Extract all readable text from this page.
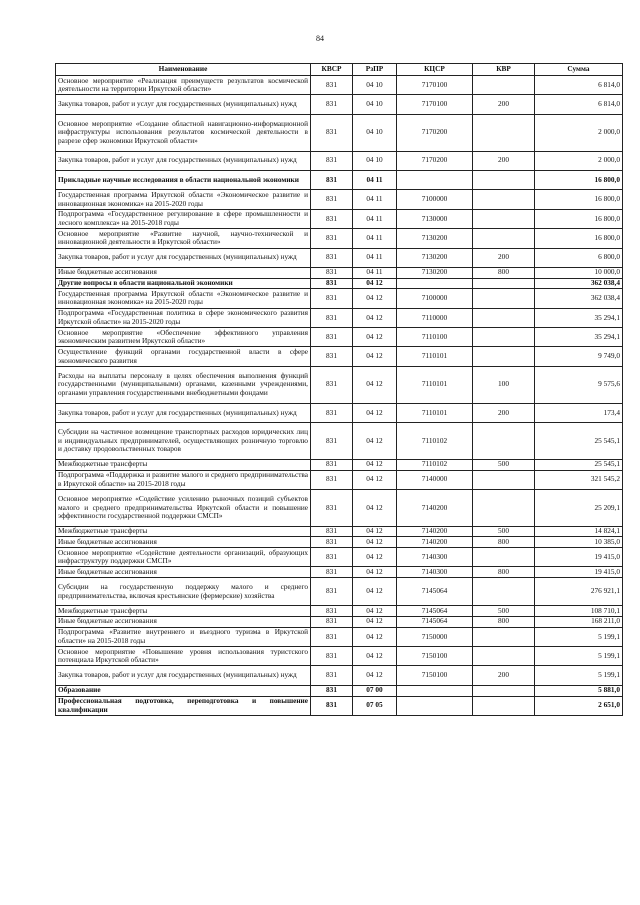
84
Наименование	КВСР	РзПР	КЦСР	КВР	Сумма
Основное мероприятие «Реализация преимуществ результатов космической деятельности на территории Иркутской области»	831	04 10	7170100		6 814,0
Закупка товаров, работ и услуг для государственных (муниципальных) нужд	831	04 10	7170100	200	6 814,0
Основное мероприятие «Создание областной навигационно-информационной инфраструктуры использования результатов космической деятельности в разрезе сфер экономики Иркутской области»	831	04 10	7170200		2 000,0
Закупка товаров, работ и услуг для государственных (муниципальных) нужд	831	04 10	7170200	200	2 000,0
Прикладные научные исследования в области национальной экономики	831	04 11			16 800,0
Государственная программа Иркутской области «Экономическое развитие и инновационная экономика» на 2015-2020 годы	831	04 11	7100000		16 800,0
Подпрограмма «Государственное регулирование в сфере промышленности и лесного комплекса» на 2015-2018 годы	831	04 11	7130000		16 800,0
Основное мероприятие «Развитие научной, научно-технической и инновационной деятельности в Иркутской области»	831	04 11	7130200		16 800,0
Закупка товаров, работ и услуг для государственных (муниципальных) нужд	831	04 11	7130200	200	6 800,0
Иные бюджетные ассигнования	831	04 11	7130200	800	10 000,0
Другие вопросы в области национальной экономики	831	04 12			362 038,4
Государственная программа Иркутской области «Экономическое развитие и инновационная экономика» на 2015-2020 годы	831	04 12	7100000		362 038,4
Подпрограмма «Государственная политика в сфере экономического развития Иркутской области» на 2015-2020 годы	831	04 12	7110000		35 294,1
Основное мероприятие «Обеспечение эффективного управления экономическим развитием Иркутской области»	831	04 12	7110100		35 294,1
Осуществление функций органами государственной власти в сфере экономического развития	831	04 12	7110101		9 749,0
Расходы на выплаты персоналу в целях обеспечения выполнения функций государственными (муниципальными) органами, казенными учреждениями, органами управления государственными внебюджетными фондами	831	04 12	7110101	100	9 575,6
Закупка товаров, работ и услуг для государственных (муниципальных) нужд	831	04 12	7110101	200	173,4
Субсидии на частичное возмещение транспортных расходов юридических лиц и индивидуальных предпринимателей, осуществляющих розничную торговлю и доставку продовольственных товаров	831	04 12	7110102		25 545,1
Межбюджетные трансферты	831	04 12	7110102	500	25 545,1
Подпрограмма «Поддержка и развитие малого и среднего предпринимательства в Иркутской области» на 2015-2018 годы	831	04 12	7140000		321 545,2
Основное мероприятие «Содействие усилению рыночных позиций субъектов малого и среднего предпринимательства Иркутской области и повышение эффективности государственной поддержки СМСП»	831	04 12	7140200		25 209,1
Межбюджетные трансферты	831	04 12	7140200	500	14 824,1
Иные бюджетные ассигнования	831	04 12	7140200	800	10 385,0
Основное мероприятие «Содействие деятельности организаций, образующих инфраструктуру поддержки СМСП»	831	04 12	7140300		19 415,0
Иные бюджетные ассигнования	831	04 12	7140300	800	19 415,0
Субсидии на государственную поддержку малого и среднего предпринимательства, включая крестьянские (фермерские) хозяйства	831	04 12	7145064		276 921,1
Межбюджетные трансферты	831	04 12	7145064	500	108 710,1
Иные бюджетные ассигнования	831	04 12	7145064	800	168 211,0
Подпрограмма «Развитие внутреннего и въездного туризма в Иркутской области» на 2015-2018 годы	831	04 12	7150000		5 199,1
Основное мероприятие «Повышение уровня использования туристского потенциала Иркутской области»	831	04 12	7150100		5 199,1
Закупка товаров, работ и услуг для государственных (муниципальных) нужд	831	04 12	7150100	200	5 199,1
Образование	831	07 00			5 881,0
Профессиональная подготовка, переподготовка и повышение квалификации	831	07 05			2 651,0
